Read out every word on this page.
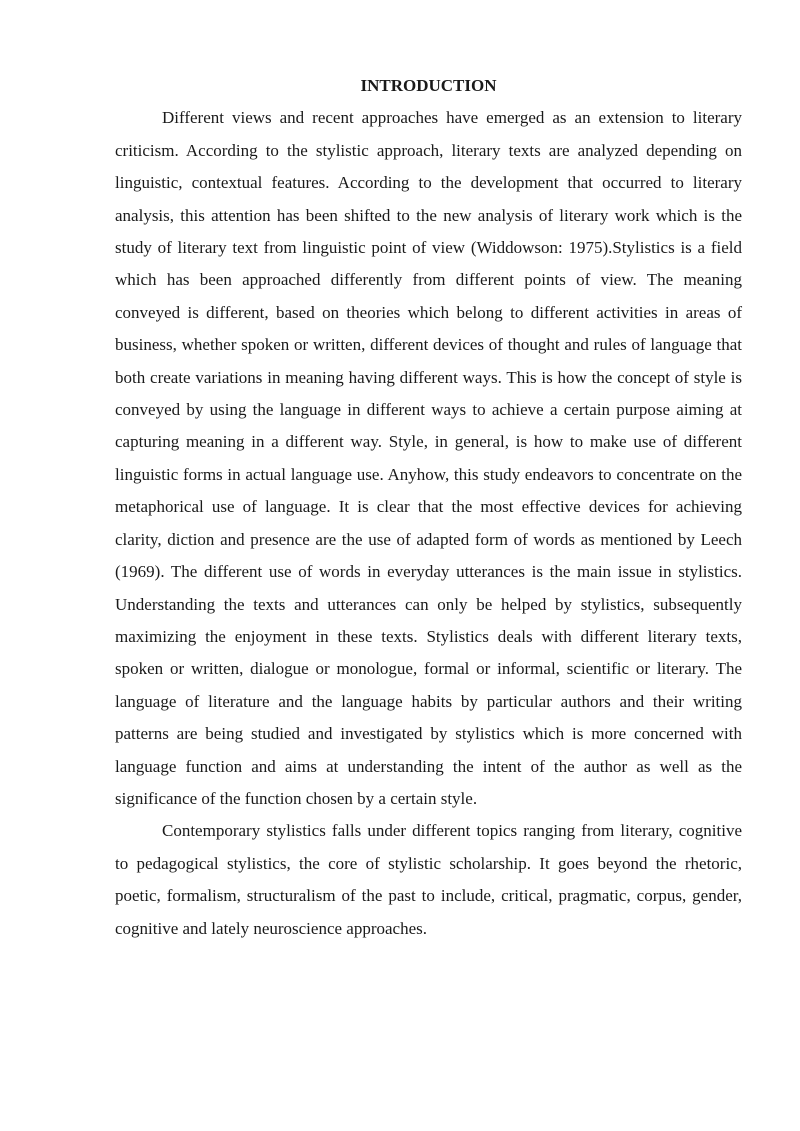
INTRODUCTION

Different views and recent approaches have emerged as an extension to literary criticism. According to the stylistic approach, literary texts are analyzed depending on linguistic, contextual features. According to the development that occurred to literary analysis, this attention has been shifted to the new analysis of literary work which is the study of literary text from linguistic point of view (Widdowson: 1975).Stylistics is a field which has been approached differently from different points of view. The meaning conveyed is different, based on theories which belong to different activities in areas of business, whether spoken or written, different devices of thought and rules of language that both create variations in meaning having different ways. This is how the concept of style is conveyed by using the language in different ways to achieve a certain purpose aiming at capturing meaning in a different way. Style, in general, is how to make use of different linguistic forms in actual language use. Anyhow, this study endeavors to concentrate on the metaphorical use of language. It is clear that the most effective devices for achieving clarity, diction and presence are the use of adapted form of words as mentioned by Leech (1969). The different use of words in everyday utterances is the main issue in stylistics. Understanding the texts and utterances can only be helped by stylistics, subsequently maximizing the enjoyment in these texts. Stylistics deals with different literary texts, spoken or written, dialogue or monologue, formal or informal, scientific or literary. The language of literature and the language habits by particular authors and their writing patterns are being studied and investigated by stylistics which is more concerned with language function and aims at understanding the intent of the author as well as the significance of the function chosen by a certain style.

Contemporary stylistics falls under different topics ranging from literary, cognitive to pedagogical stylistics, the core of stylistic scholarship. It goes beyond the rhetoric, poetic, formalism, structuralism of the past to include, critical, pragmatic, corpus, gender, cognitive and lately neuroscience approaches.
